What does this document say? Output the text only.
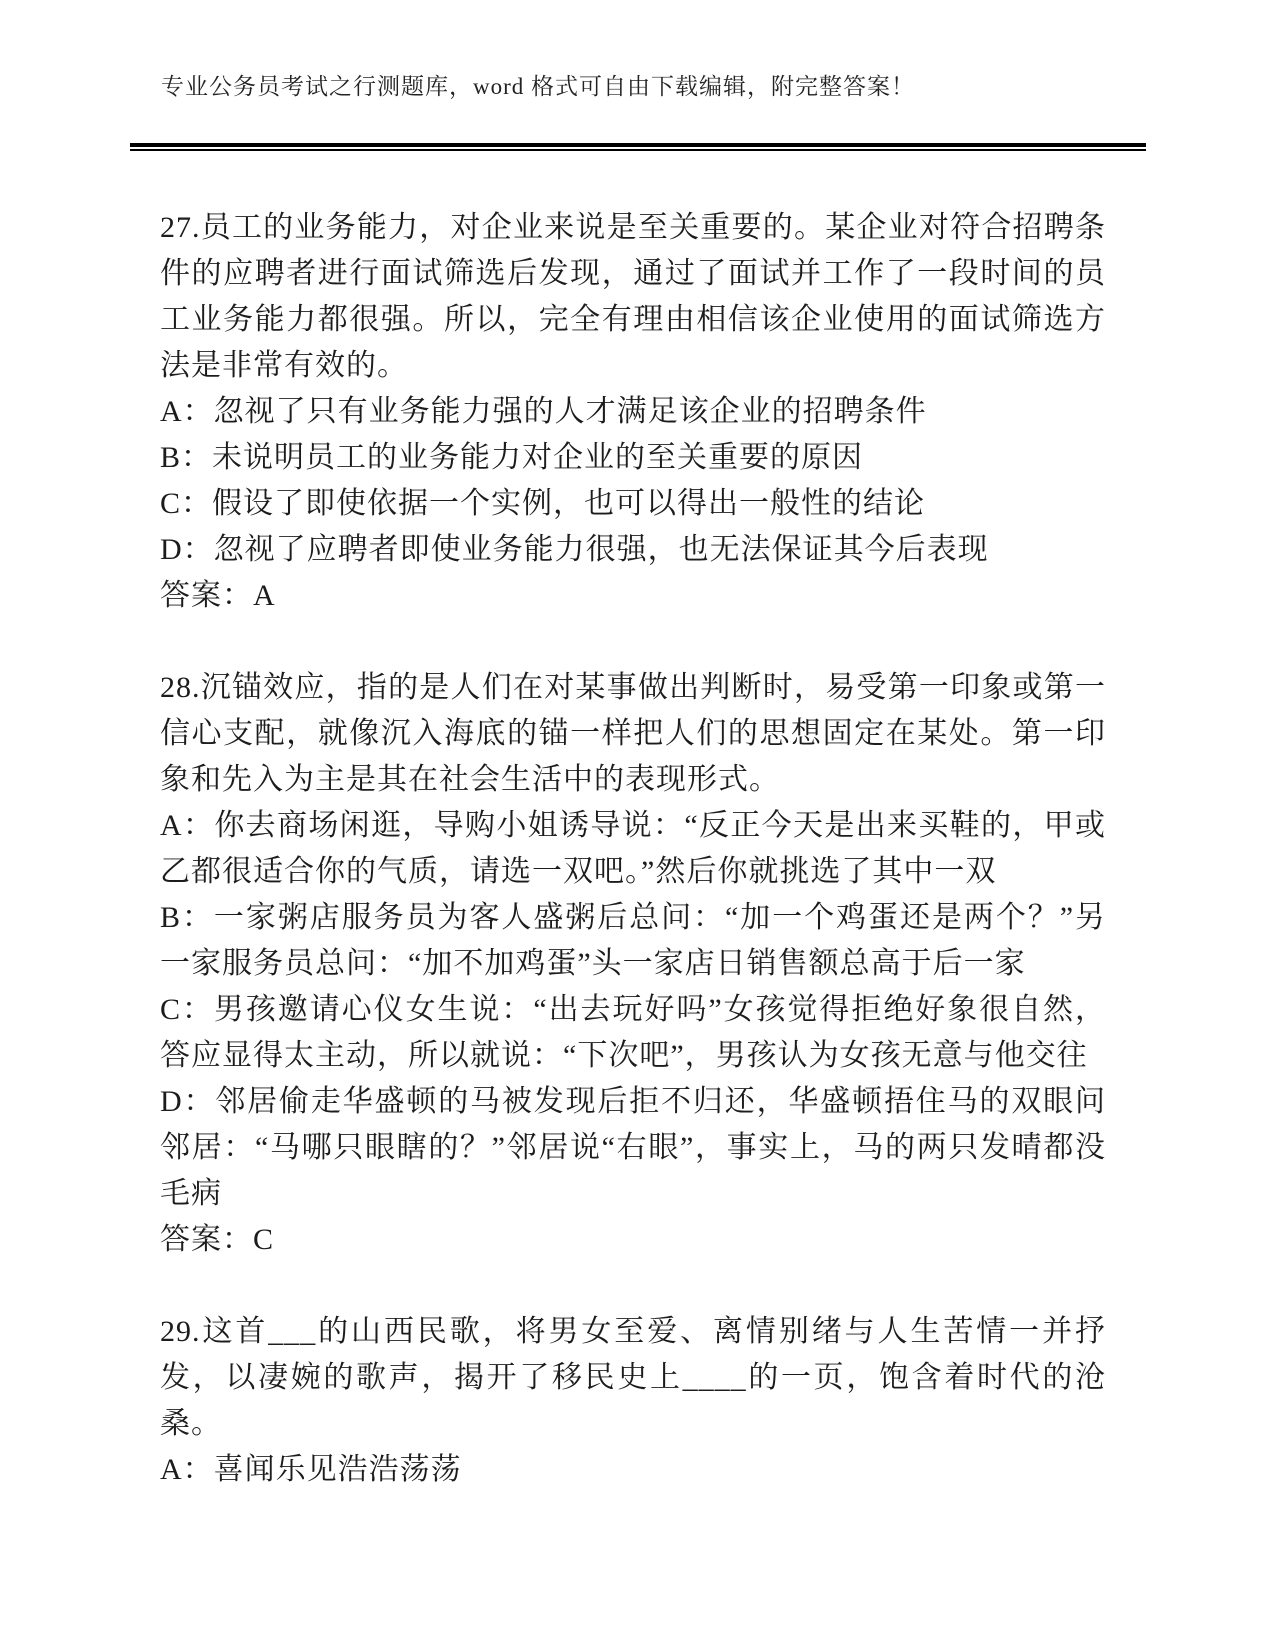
专业公务员考试之行测题库，word 格式可自由下载编辑，附完整答案！

27.员工的业务能力，对企业来说是至关重要的。某企业对符合招聘条件的应聘者进行面试筛选后发现，通过了面试并工作了一段时间的员工业务能力都很强。所以，完全有理由相信该企业使用的面试筛选方法是非常有效的。

A：忽视了只有业务能力强的人才满足该企业的招聘条件

B：未说明员工的业务能力对企业的至关重要的原因

C：假设了即使依据一个实例，也可以得出一般性的结论

D：忽视了应聘者即使业务能力很强，也无法保证其今后表现

答案：A

28.沉锚效应，指的是人们在对某事做出判断时，易受第一印象或第一信心支配，就像沉入海底的锚一样把人们的思想固定在某处。第一印象和先入为主是其在社会生活中的表现形式。

A：你去商场闲逛，导购小姐诱导说：“反正今天是出来买鞋的，甲或乙都很适合你的气质，请选一双吧。”然后你就挑选了其中一双

B：一家粥店服务员为客人盛粥后总问：“加一个鸡蛋还是两个？”另一家服务员总问：“加不加鸡蛋”头一家店日销售额总高于后一家

C：男孩邀请心仪女生说：“出去玩好吗”女孩觉得拒绝好象很自然，答应显得太主动，所以就说：“下次吧”，男孩认为女孩无意与他交往

D：邻居偷走华盛顿的马被发现后拒不归还，华盛顿捂住马的双眼问邻居：“马哪只眼瞎的？”邻居说“右眼”，事实上，马的两只发晴都没毛病

答案：C

29.这首___的山西民歌，将男女至爱、离情别绪与人生苦情一并抒发，以凄婉的歌声，揭开了移民史上____的一页，饱含着时代的沧桑。

A：喜闻乐见浩浩荡荡
